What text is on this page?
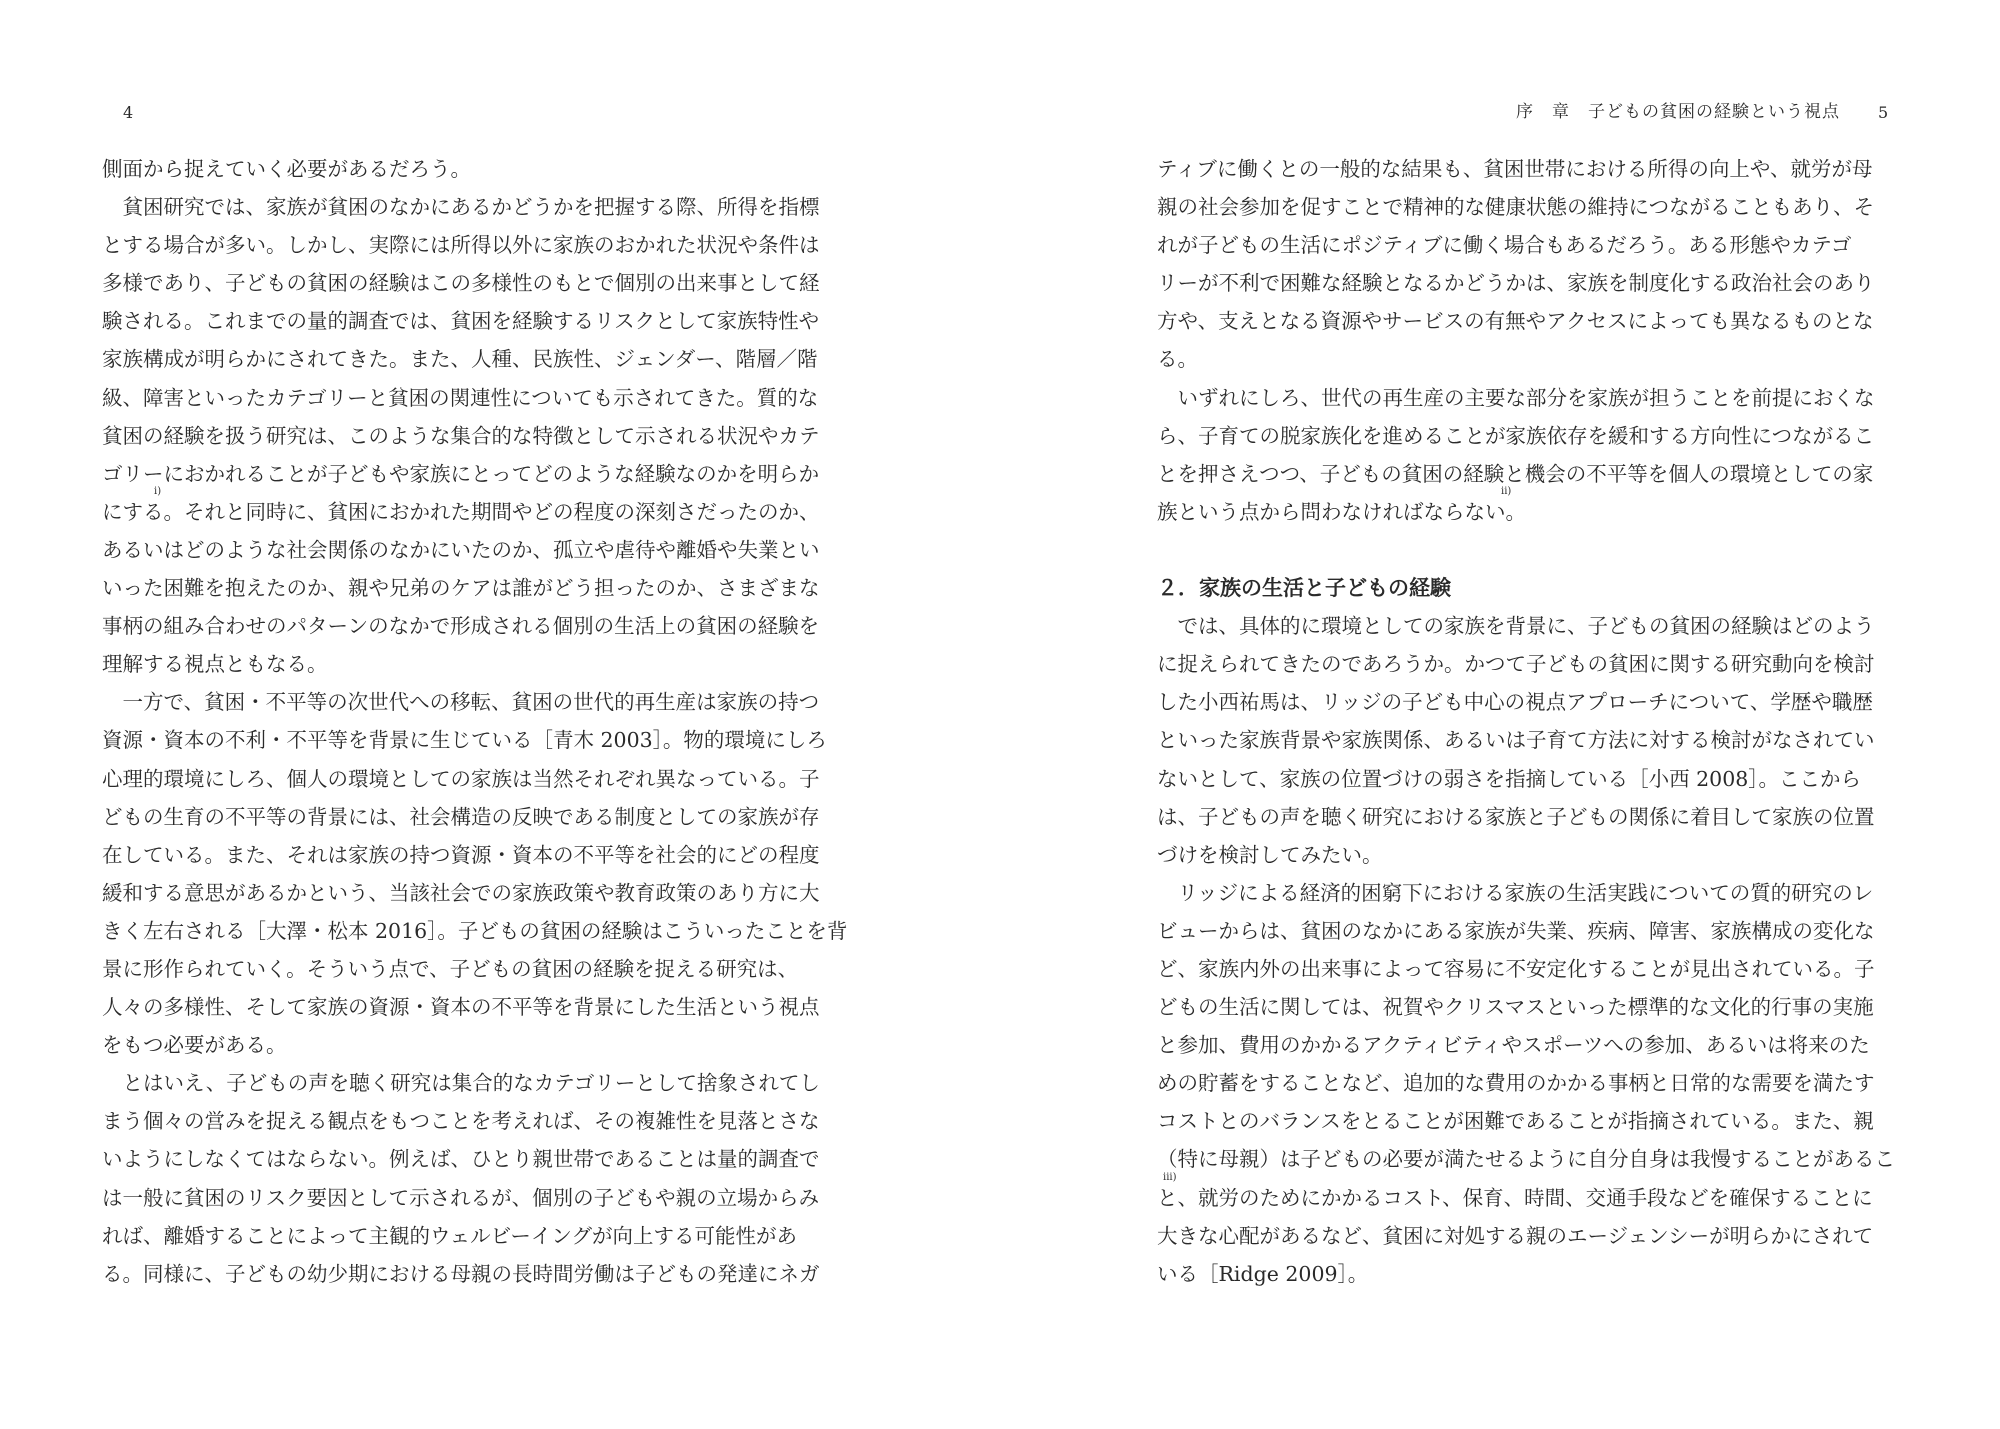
4
側面から捉えていく必要があるだろう。
貧困研究では、家族が貧困のなかにあるかどうかを把握する際、所得を指標
とする場合が多い。しかし、実際には所得以外に家族のおかれた状況や条件は
多様であり、子どもの貧困の経験はこの多様性のもとで個別の出来事として経
験される。これまでの量的調査では、貧困を経験するリスクとして家族特性や
家族構成が明らかにされてきた。また、人種、民族性、ジェンダー、階層／階
級、障害といったカテゴリーと貧困の関連性についても示されてきた。質的な
貧困の経験を扱う研究は、このような集合的な特徴として示される状況やカテ
ゴリーにおかれることが子どもや家族にとってどのような経験なのかを明らか
にする。それと同時に、貧困におかれた期間やどの程度の深刻さだったのか、
あるいはどのような社会関係のなかにいたのか、孤立や虐待や離婚や失業とい
いった困難を抱えたのか、親や兄弟のケアは誰がどう担ったのか、さまざまな
事柄の組み合わせのパターンのなかで形成される個別の生活上の貧困の経験を
理解する視点ともなる。
一方で、貧困・不平等の次世代への移転、貧困の世代的再生産は家族の持つ
資源・資本の不利・不平等を背景に生じている［青木 2003］。物的環境にしろ
心理的環境にしろ、個人の環境としての家族は当然それぞれ異なっている。子
どもの生育の不平等の背景には、社会構造の反映である制度としての家族が存
在している。また、それは家族の持つ資源・資本の不平等を社会的にどの程度
緩和する意思があるかという、当該社会での家族政策や教育政策のあり方に大
きく左右される［大澤・松本 2016］。子どもの貧困の経験はこういったことを背
景に形作られていく。そういう点で、子どもの貧困の経験を捉える研究は、
人々の多様性、そして家族の資源・資本の不平等を背景にした生活という視点
をもつ必要がある。
とはいえ、子どもの声を聴く研究は集合的なカテゴリーとして捨象されてし
まう個々の営みを捉える観点をもつことを考えれば、その複雑性を見落とさな
いようにしなくてはならない。例えば、ひとり親世帯であることは量的調査で
は一般に貧困のリスク要因として示されるが、個別の子どもや親の立場からみ
れば、離婚することによって主観的ウェルビーイングが向上する可能性があ
る。同様に、子どもの幼少期における母親の長時間労働は子どもの発達にネガ
i)
序　章　子どもの貧困の経験という視点 5
ティブに働くとの一般的な結果も、貧困世帯における所得の向上や、就労が母
親の社会参加を促すことで精神的な健康状態の維持につながることもあり、そ
れが子どもの生活にポジティブに働く場合もあるだろう。ある形態やカテゴ
リーが不利で困難な経験となるかどうかは、家族を制度化する政治社会のあり
方や、支えとなる資源やサービスの有無やアクセスによっても異なるものとな
る。
いずれにしろ、世代の再生産の主要な部分を家族が担うことを前提におくな
ら、子育ての脱家族化を進めることが家族依存を緩和する方向性につながるこ
とを押さえつつ、子どもの貧困の経験と機会の不平等を個人の環境としての家
族という点から問わなければならない。
２．家族の生活と子どもの経験
では、具体的に環境としての家族を背景に、子どもの貧困の経験はどのよう
に捉えられてきたのであろうか。かつて子どもの貧困に関する研究動向を検討
した小西祐馬は、リッジの子ども中心の視点アプローチについて、学歴や職歴
といった家族背景や家族関係、あるいは子育て方法に対する検討がなされてい
ないとして、家族の位置づけの弱さを指摘している［小西 2008］。ここから
は、子どもの声を聴く研究における家族と子どもの関係に着目して家族の位置
づけを検討してみたい。
リッジによる経済的困窮下における家族の生活実践についての質的研究のレ
ビューからは、貧困のなかにある家族が失業、疾病、障害、家族構成の変化な
ど、家族内外の出来事によって容易に不安定化することが見出されている。子
どもの生活に関しては、祝賀やクリスマスといった標準的な文化的行事の実施
と参加、費用のかかるアクティビティやスポーツへの参加、あるいは将来のた
めの貯蓄をすることなど、追加的な費用のかかる事柄と日常的な需要を満たす
コストとのバランスをとることが困難であることが指摘されている。また、親
（特に母親）は子どもの必要が満たせるように自分自身は我慢することがあるこ
と、就労のためにかかるコスト、保育、時間、交通手段などを確保することに
大きな心配があるなど、貧困に対処する親のエージェンシーが明らかにされて
いる［Ridge 2009］。
ii)
iii)
